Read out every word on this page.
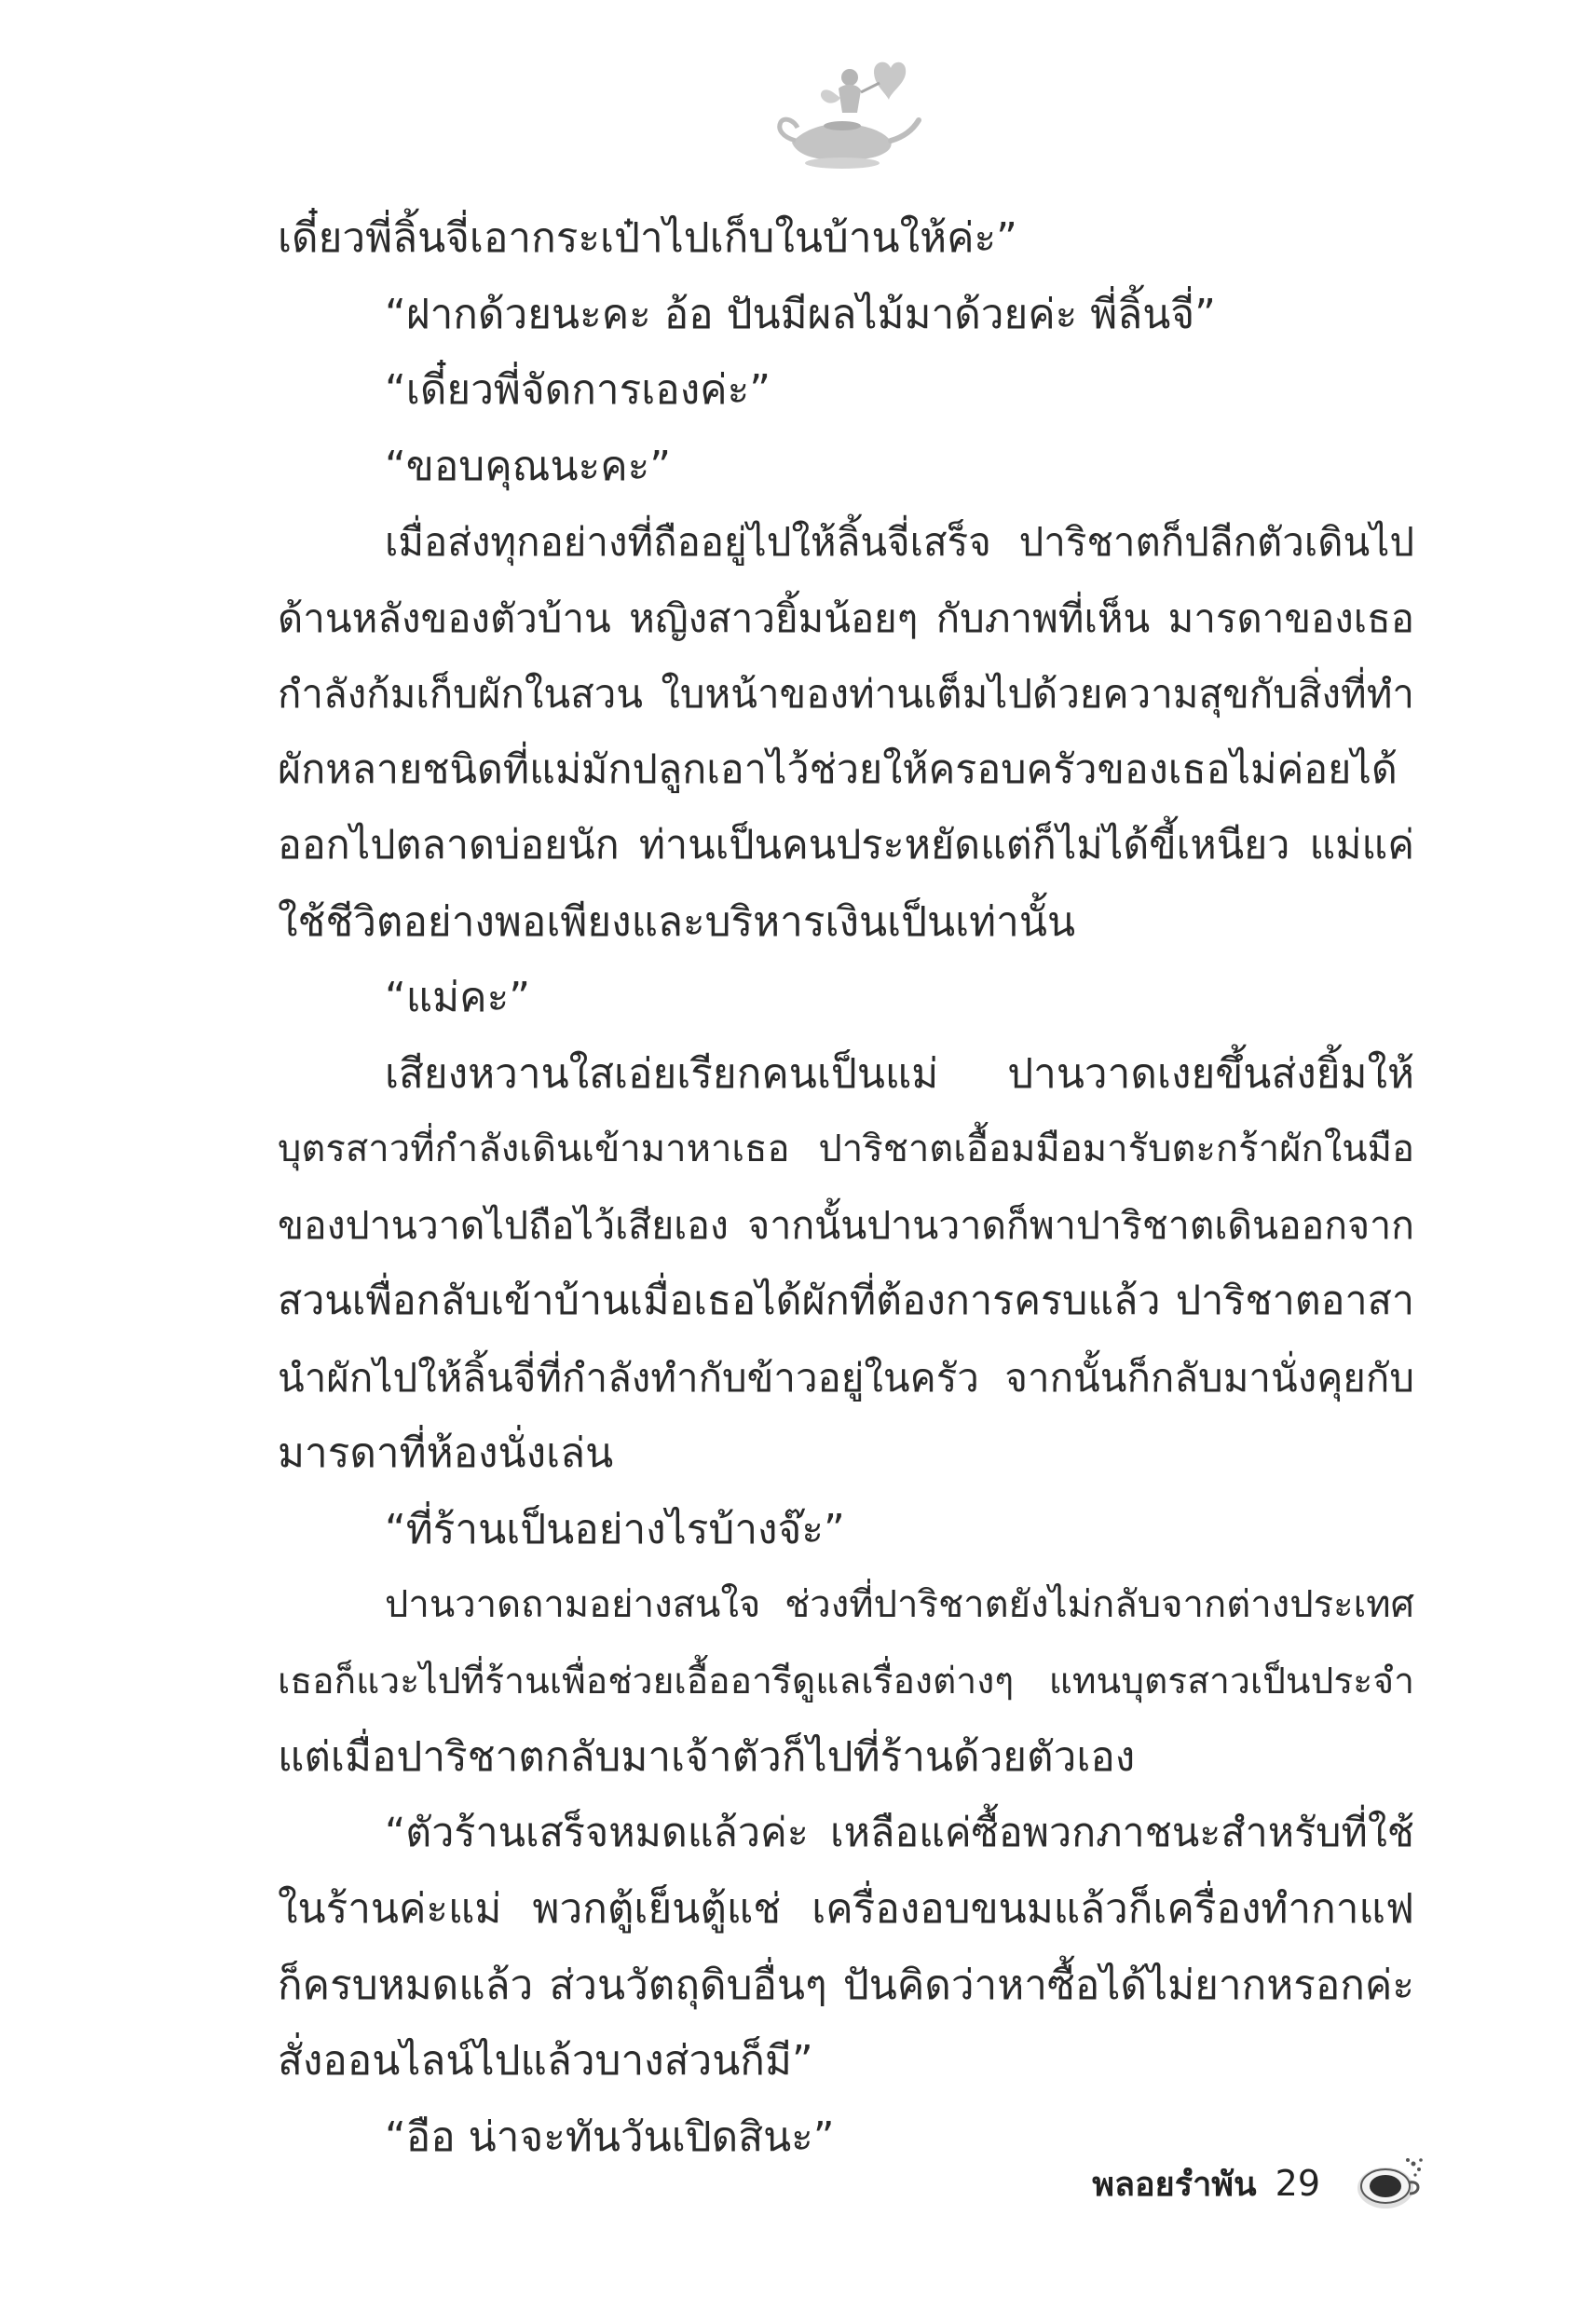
เดี๋ยวพี่ลิ้นจี่เอากระเป๋าไปเก็บในบ้านให้ค่ะ”
“ฝากด้วยนะคะ อ้อ ปันมีผลไม้มาด้วยค่ะ พี่ลิ้นจี่”
“เดี๋ยวพี่จัดการเองค่ะ”
“ขอบคุณนะคะ”
เมื่อส่งทุกอย่างที่ถืออยู่ไปให้ลิ้นจี่เสร็จ ปาริชาตก็ปลีกตัวเดินไป
ด้านหลังของตัวบ้าน หญิงสาวยิ้มน้อยๆ กับภาพที่เห็น มารดาของเธอ
กำลังก้มเก็บผักในสวน ใบหน้าของท่านเต็มไปด้วยความสุขกับสิ่งที่ทำ
ผักหลายชนิดที่แม่มักปลูกเอาไว้ช่วยให้ครอบครัวของเธอไม่ค่อยได้
ออกไปตลาดบ่อยนัก ท่านเป็นคนประหยัดแต่ก็ไม่ได้ขี้เหนียว แม่แค่
ใช้ชีวิตอย่างพอเพียงและบริหารเงินเป็นเท่านั้น
“แม่คะ”
เสียงหวานใสเอ่ยเรียกคนเป็นแม่ ปานวาดเงยขึ้นส่งยิ้มให้
บุตรสาวที่กำลังเดินเข้ามาหาเธอ ปาริชาตเอื้อมมือมารับตะกร้าผักในมือ
ของปานวาดไปถือไว้เสียเอง จากนั้นปานวาดก็พาปาริชาตเดินออกจาก
สวนเพื่อกลับเข้าบ้านเมื่อเธอได้ผักที่ต้องการครบแล้ว ปาริชาตอาสา
นำผักไปให้ลิ้นจี่ที่กำลังทำกับข้าวอยู่ในครัว จากนั้นก็กลับมานั่งคุยกับ
มารดาที่ห้องนั่งเล่น
“ที่ร้านเป็นอย่างไรบ้างจ๊ะ”
ปานวาดถามอย่างสนใจ ช่วงที่ปาริชาตยังไม่กลับจากต่างประเทศ
เธอก็แวะไปที่ร้านเพื่อช่วยเอื้ออารีดูแลเรื่องต่างๆ แทนบุตรสาวเป็นประจำ
แต่เมื่อปาริชาตกลับมาเจ้าตัวก็ไปที่ร้านด้วยตัวเอง
“ตัวร้านเสร็จหมดแล้วค่ะ เหลือแค่ซื้อพวกภาชนะสำหรับที่ใช้
ในร้านค่ะแม่ พวกตู้เย็นตู้แช่ เครื่องอบขนมแล้วก็เครื่องทำกาแฟ
ก็ครบหมดแล้ว ส่วนวัตถุดิบอื่นๆ ปันคิดว่าหาซื้อได้ไม่ยากหรอกค่ะ
สั่งออนไลน์ไปแล้วบางส่วนก็มี”
“อือ น่าจะทันวันเปิดสินะ”
พลอยรำพัน 29
